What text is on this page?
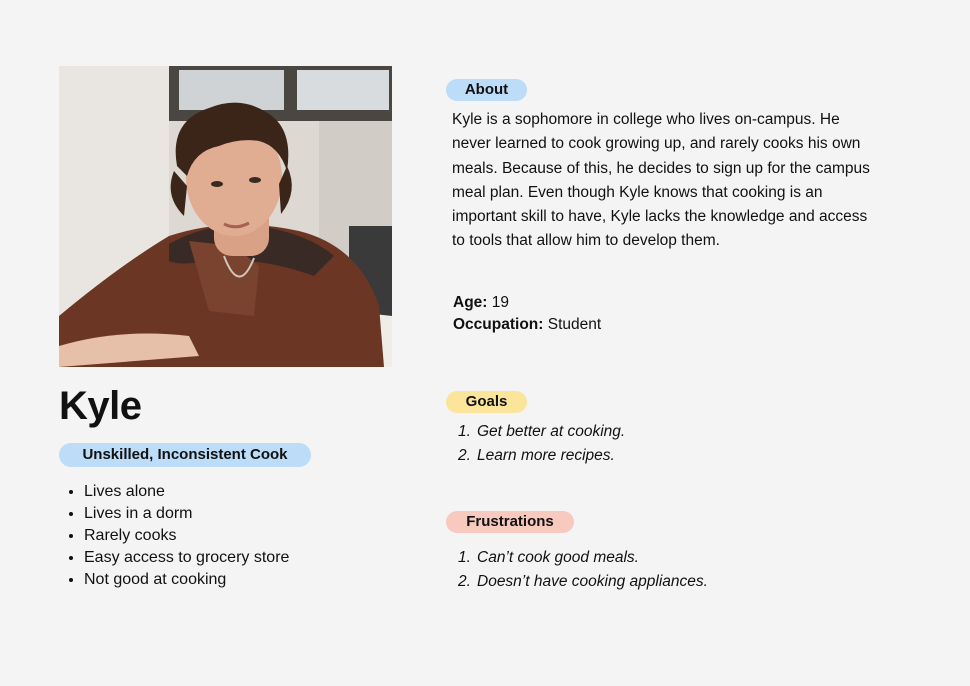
Kyle
Unskilled, Inconsistent Cook
• Lives alone
• Lives in a dorm
• Rarely cooks
• Easy access to grocery store
• Not good at cooking
About

Kyle is a sophomore in college who lives on-campus. He never learned to cook growing up, and rarely cooks his own meals. Because of this, he decides to sign up for the campus meal plan. Even though Kyle knows that cooking is an important skill to have, Kyle lacks the knowledge and access to tools that allow him to develop them.

Age: 19
Occupation: Student
Goals
1. Get better at cooking.
2. Learn more recipes.
Frustrations
1. Can’t cook good meals.
2. Doesn’t have cooking appliances.
